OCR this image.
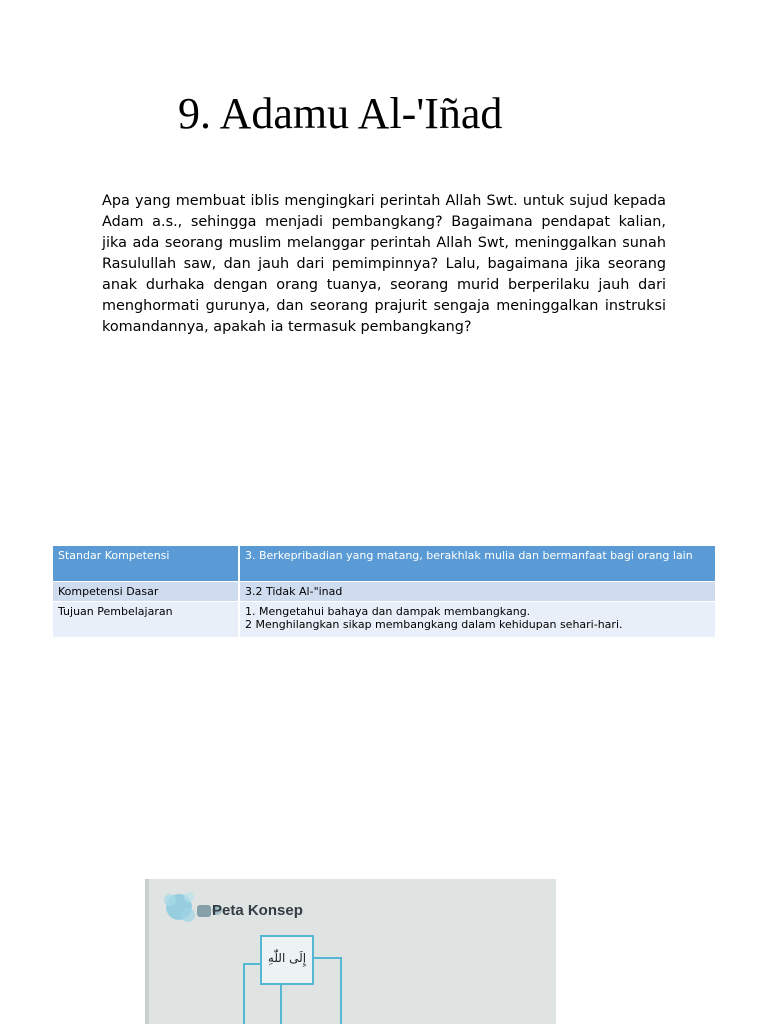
9. Adamu Al-'Iñad

Apa yang membuat iblis mengingkari perintah Allah Swt. untuk sujud kepada Adam a.s., sehingga menjadi pembangkang? Bagaimana pendapat kalian, jika ada seorang muslim melanggar perintah Allah Swt, meninggalkan sunah Rasulullah saw, dan jauh dari pemimpinnya? Lalu, bagaimana jika seorang anak durhaka dengan orang tuanya, seorang murid berperilaku jauh dari menghormati gurunya, dan seorang prajurit sengaja meninggalkan instruksi komandannya, apakah ia termasuk pembangkang?

Standar Kompetensi	3. Berkepribadian yang matang, berakhlak mulia dan bermanfaat bagi orang lain
Kompetensi Dasar	3.2 Tidak Al-"inad
Tujuan Pembelajaran	1. Mengetahui bahaya dan dampak membangkang.
2 Menghilangkan sikap membangkang dalam kehidupan sehari-hari.
Peta Konsep
إِلَى اللّٰهِ
